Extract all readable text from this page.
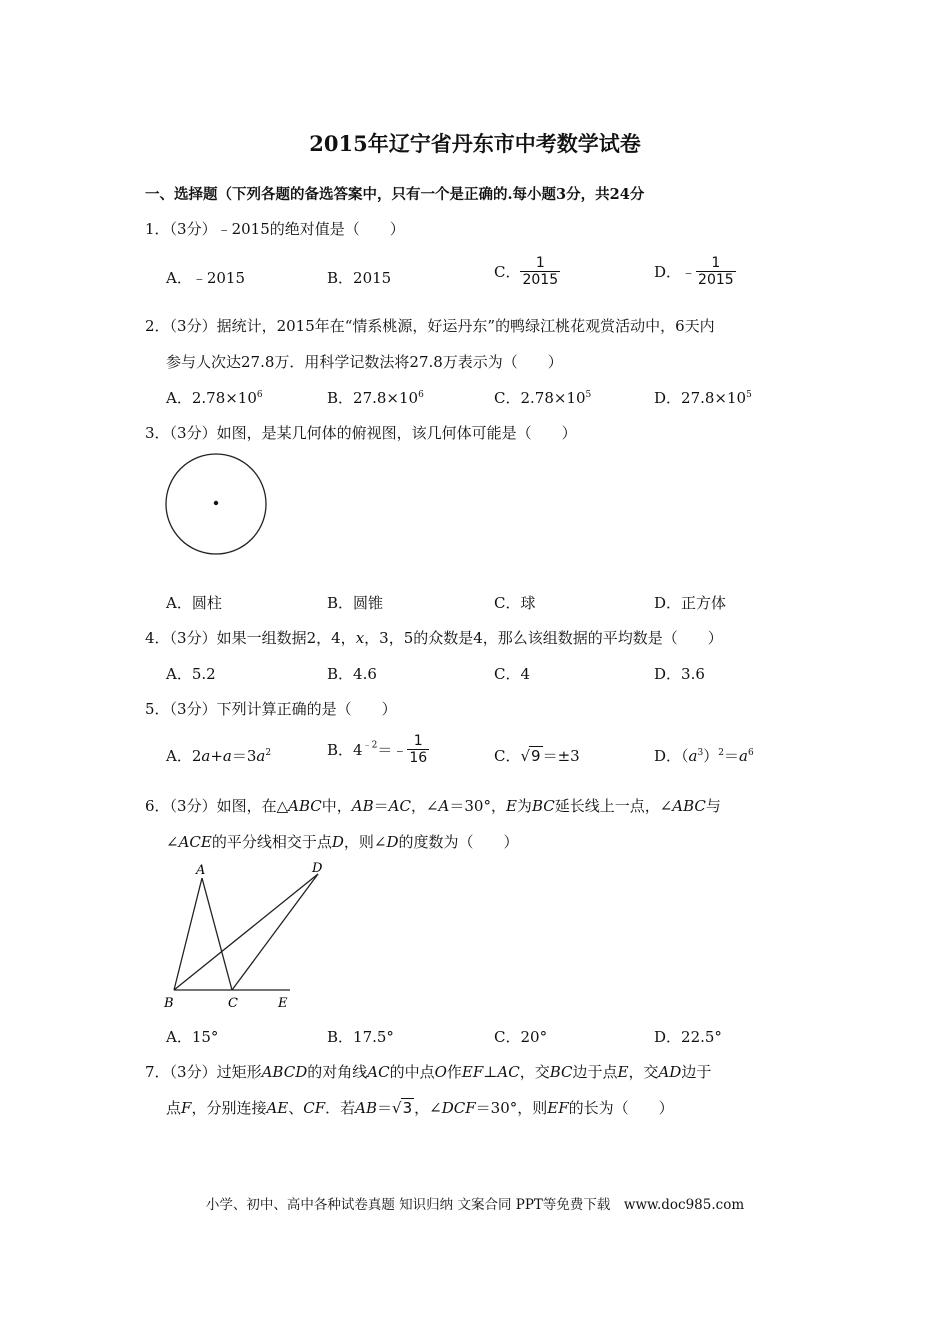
2015年辽宁省丹东市中考数学试卷
一、选择题（下列各题的备选答案中，只有一个是正确的.每小题3分，共24分
1．（3分）﹣2015的绝对值是（　　）
A．﹣2015	B．2015	C． $\frac{1}{2015}$	D．﹣ $\frac{1}{2015}$
2．（3分）据统计，2015年在“情系桃源，好运丹东”的鸭绿江桃花观赏活动中，6天内
参与人次达27.8万．用科学记数法将27.8万表示为（　　）
A．$2.78\times 10^6$	B．$27.8\times 10^6$	C．$2.78\times 10^5$	D．$27.8\times 10^5$
3．（3分）如图，是某几何体的俯视图，该几何体可能是（　　）
A．圆柱	B．圆锥	C．球	D．正方体
4．（3分）如果一组数据2，4，x，3，5的众数是4，那么该组数据的平均数是（　　）
A．5.2	B．4.6	C．4	D．3.6
5．（3分）下列计算正确的是（　　）
A．$2a+a=3a^2$	B．$4^{﹣2}=﹣ \frac{1}{16}$	C．√9 ＝±3	D．$(a^3)^2=a^6$
6．（3分）如图，在△ABC中，AB＝AC，∠A＝30°，E为BC延长线上一点，∠ABC与
∠ACE的平分线相交于点D，则∠D的度数为（　　）
A
B	C
D
E
A．15°	B．17.5°	C．20°	D．22.5°
7．（3分）过矩形ABCD的对角线AC的中点O作EF⊥AC，交BC边于点E，交AD边于
点F，分别连接AE、CF．若AB＝√3 ，∠DCF＝30°，则EF的长为（　　）
小学、初中、高中各种试卷真题 知识归纳 文案合同 PPT等免费下载　www.doc985.com
